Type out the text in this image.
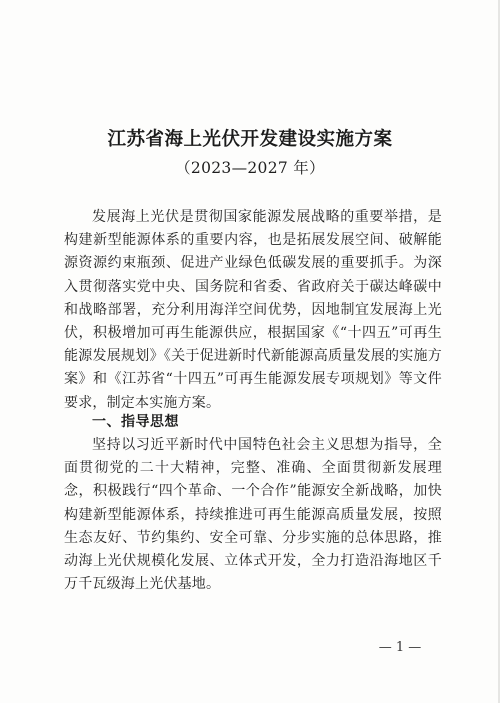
江苏省海上光伏开发建设实施方案
（2023—2027 年）
发展海上光伏是贯彻国家能源发展战略的重要举措，是构建新型能源体系的重要内容，也是拓展发展空间、破解能源资源约束瓶颈、促进产业绿色低碳发展的重要抓手。为深入贯彻落实党中央、国务院和省委、省政府关于碳达峰碳中和战略部署，充分利用海洋空间优势，因地制宜发展海上光伏，积极增加可再生能源供应，根据国家《“十四五”可再生能源发展规划》《关于促进新时代新能源高质量发展的实施方案》和《江苏省“十四五”可再生能源发展专项规划》等文件要求，制定本实施方案。
一、指导思想
坚持以习近平新时代中国特色社会主义思想为指导，全面贯彻党的二十大精神，完整、准确、全面贯彻新发展理念，积极践行“四个革命、一个合作”能源安全新战略，加快构建新型能源体系，持续推进可再生能源高质量发展，按照生态友好、节约集约、安全可靠、分步实施的总体思路，推动海上光伏规模化发展、立体式开发，全力打造沿海地区千万千瓦级海上光伏基地。
— 1 —
